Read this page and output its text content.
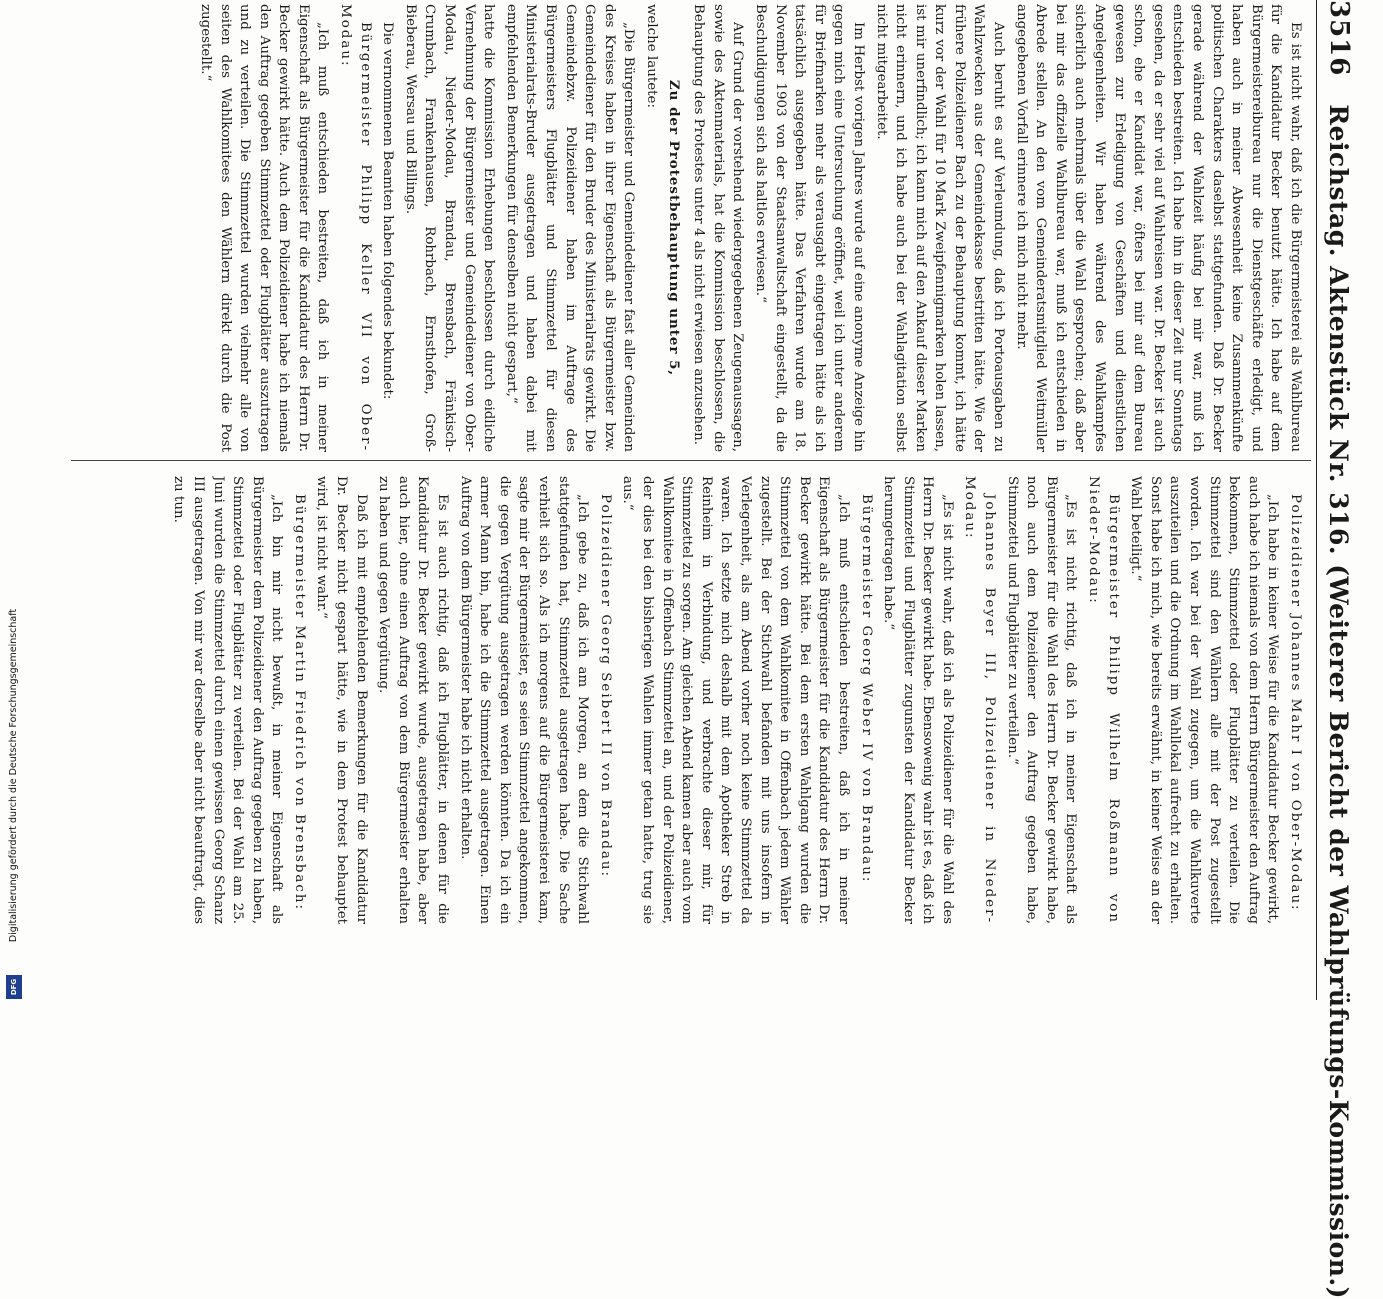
3516
Reichstag. Aktenstück Nr. 316. (Weiterer Bericht der Wahlprüfungs-Kommission.)

Es ist nicht wahr, daß ich die Bürgermeisterei als Wahlbureau für die Kandidatur Becker benutzt hätte. Ich habe auf dem Bürgermeistereibureau nur die Dienstgeschäfte erledigt, und haben auch in meiner Abwesenheit keine Zusammenkünfte politischen Charakters daselbst stattgefunden. Daß Dr. Becker gerade während der Wahlzeit häufig bei mir war, muß ich entschieden bestreiten. Ich habe ihn in dieser Zeit nur Sonntags gesehen, da er sehr viel auf Wahlreisen war. Dr. Becker ist auch schon, ehe er Kandidat war, öfters bei mir auf dem Bureau gewesen zur Erledigung von Geschäften und dienstlichen Angelegenheiten. Wir haben während des Wahlkampfes sicherlich auch mehrmals über die Wahl gesprochen; daß aber bei mir das offizielle Wahlbureau war, muß ich entschieden in Abrede stellen. An den vom Gemeinderatsmitglied Weitmüller angegebenen Vorfall erinnere ich mich nicht mehr.

Auch beruht es auf Verleumdung, daß ich Portoausgaben zu Wahlzwecken aus der Gemeindekasse bestritten hätte. Wie der frühere Polizeidiener Bach zu der Behauptung kommt, ich hätte kurz vor der Wahl für 10 Mark Zweipfennigmarken holen lassen, ist mir unerfindlich; ich kann mich auf den Ankauf dieser Marken nicht erinnern, und ich habe auch bei der Wahlagitation selbst nicht mitgearbeitet.

Im Herbst vorigen Jahres wurde auf eine anonyme Anzeige hin gegen mich eine Untersuchung eröffnet, weil ich unter anderem für Briefmarken mehr als verausgabt eingetragen hätte als ich tatsächlich ausgegeben hätte. Das Verfahren wurde am 18. November 1903 von der Staatsanwaltschaft eingestellt, da die Beschuldigungen sich als haltlos erwiesen.“

Auf Grund der vorstehend wiedergegebenen Zeugenaussagen, sowie des Aktenmaterials, hat die Kommission beschlossen, die Behauptung des Protestes unter 4 als nicht erwiesen anzusehen.

Zu der Protestbehauptung unter 5,

welche lautete:

„Die Bürgermeister und Gemeindediener fast aller Gemeinden des Kreises haben in ihrer Eigenschaft als Bürgermeister bzw. Gemeindediener für den Bruder des Ministerialrats gewirkt. Die Gemeindebzw. Polizeidiener haben im Auftrage des Bürgermeisters Flugblätter und Stimmzettel für diesen Ministerialrats-Bruder ausgetragen und haben dabei mit empfehlenden Bemerkungen für denselben nicht gespart,“

hatte die Kommission Erhebungen beschlossen durch eidliche Vernehmung der Bürgermeister und Gemeindediener von Ober-Modau, Nieder-Modau, Brandau, Brensbach, Fränkisch-Crumbach, Frankenhausen, Rohrbach, Ernsthofen, Groß-Bieberau, Wersau und Billings.

Die vernommenen Beamten haben folgendes bekundet:

Bürgermeister Philipp Keller VII von Ober-Modau:

„Ich muß entschieden bestreiten, daß ich in meiner Eigenschaft als Bürgermeister für die Kandidatur des Herrn Dr. Becker gewirkt hätte. Auch dem Polizeidiener habe ich niemals den Auftrag gegeben Stimmzettel oder Flugblätter auszutragen und zu verteilen. Die Stimmzettel wurden vielmehr alle von seiten des Wahlkomitees den Wählern direkt durch die Post zugestellt.“

Polizeidiener Johannes Mahr I von Ober-Modau:

„Ich habe in keiner Weise für die Kandidatur Becker gewirkt, auch habe ich niemals von dem Herrn Bürgermeister den Auftrag bekommen, Stimmzettel oder Flugblätter zu verteilen. Die Stimmzettel sind den Wählern alle mit der Post zugestellt worden. Ich war bei der Wahl zugegen, um die Wahlkuverte auszuteilen und die Ordnung im Wahllokal aufrecht zu erhalten. Sonst habe ich mich, wie bereits erwähnt, in keiner Weise an der Wahl beteiligt.“

Bürgermeister Philipp Wilhelm Roßmann von Nieder-Modau:

„Es ist nicht richtig, daß ich in meiner Eigenschaft als Bürgermeister für die Wahl des Herrn Dr. Becker gewirkt habe, noch auch dem Polizeidiener den Auftrag gegeben habe, Stimmzettel und Flugblätter zu verteilen.“

Johannes Beyer III, Polizeidiener in Nieder-Modau:

„Es ist nicht wahr, daß ich als Polizeidiener für die Wahl des Herrn Dr. Becker gewirkt habe. Ebensowenig wahr ist es, daß ich Stimmzettel und Flugblätter zugunsten der Kandidatur Becker herumgetragen habe.“

Bürgermeister Georg Weber IV von Brandau:

„Ich muß entschieden bestreiten, daß ich in meiner Eigenschaft als Bürgermeister für die Kandidatur des Herrn Dr. Becker gewirkt hätte. Bei dem ersten Wahlgang wurden die Stimmzettel von dem Wahlkomitee in Offenbach jedem Wähler zugestellt. Bei der Stichwahl befanden mit uns insofern in Verlegenheit, als am Abend vorher noch keine Stimmzettel da waren. Ich setzte mich deshalb mit dem Apotheker Streb in Reinheim in Verbindung, und verbrachte dieser mir, für Stimmzettel zu sorgen. Am gleichen Abend kamen aber auch vom Wahlkomitee in Offenbach Stimmzettel an, und der Polizeidiener, der dies bei den bisherigen Wahlen immer getan hatte, trug sie aus.“

Polizeidiener Georg Seibert II von Brandau:

„Ich gebe zu, daß ich am Morgen, an dem die Stichwahl stattgefunden hat, Stimmzettel ausgetragen habe. Die Sache verhielt sich so. Als ich morgens auf die Bürgermeisterei kam, sagte mir der Bürgermeister, es seien Stimmzettel angekommen, die gegen Vergütung ausgetragen werden könnten. Da ich ein armer Mann bin, habe ich die Stimmzettel ausgetragen. Einen Auftrag von dem Bürgermeister habe ich nicht erhalten.

Es ist auch richtig, daß ich Flugblätter, in denen für die Kandidatur Dr. Becker gewirkt wurde, ausgetragen habe, aber auch hier, ohne einen Auftrag von dem Bürgermeister erhalten zu haben und gegen Vergütung.

Daß ich mit empfehlenden Bemerkungen für die Kandidatur Dr. Becker nicht gespart hätte, wie in dem Protest behauptet wird, ist nicht wahr.“

Bürgermeister Martin Friedrich von Brensbach:

„Ich bin mir nicht bewußt, in meiner Eigenschaft als Bürgermeister dem Polizeidiener den Auftrag gegeben zu haben, Stimmzettel oder Flugblätter zu verteilen. Bei der Wahl am 25. Juni wurden die Stimmzettel durch einen gewissen Georg Schanz III ausgetragen. Von mir war derselbe aber nicht beauftragt, dies zu tun.

Digitalisierung gefördert durch die Deutsche Forschungsgemeinschaft
DFG
